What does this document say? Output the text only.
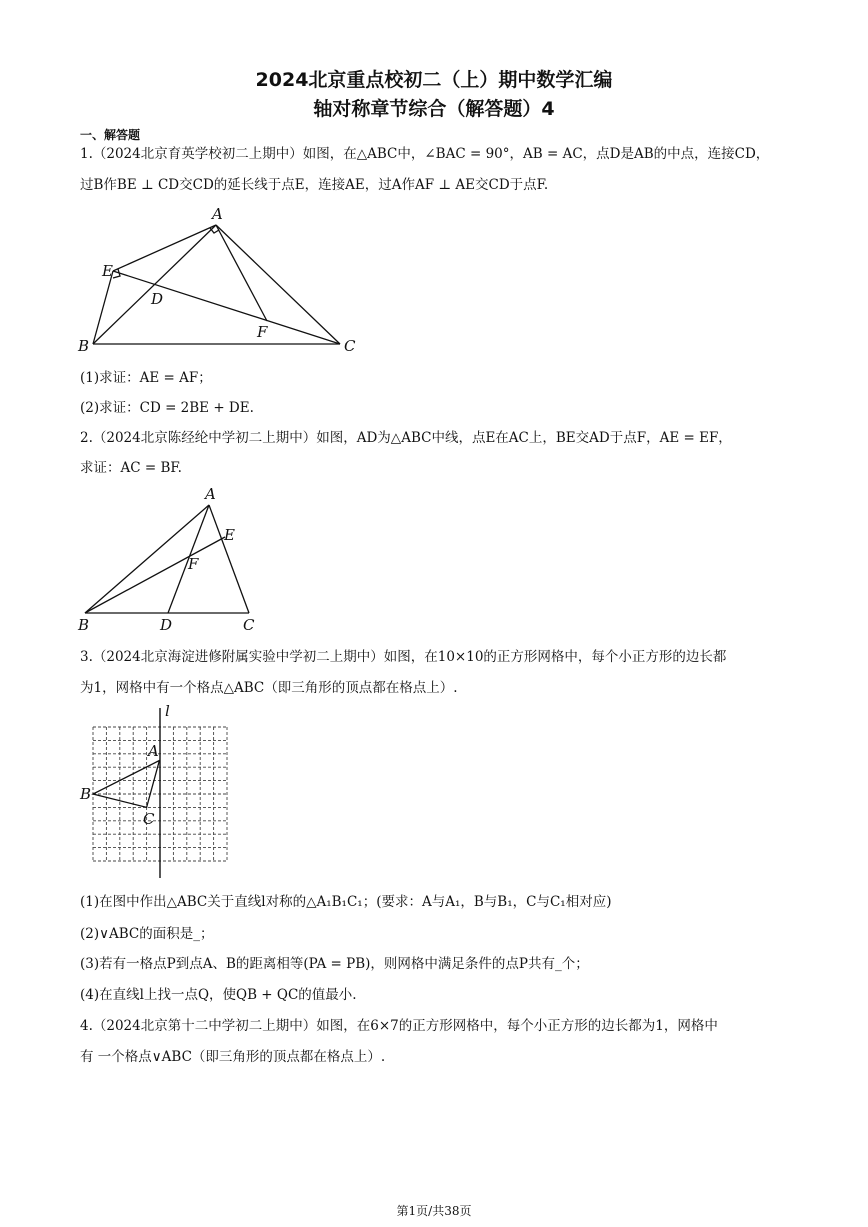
2024北京重点校初二（上）期中数学汇编
轴对称章节综合（解答题）4
一、解答题
1.（2024北京育英学校初二上期中）如图，在△ABC中，∠BAC = 90°，AB = AC，点D是AB的中点，连接CD，
过B作BE ⊥ CD交CD的延长线于点E，连接AE，过A作AF ⊥ AE交CD于点F.
A
E
D
F
B	C
(1)求证：AE = AF；
(2)求证：CD = 2BE + DE.
2.（2024北京陈经纶中学初二上期中）如图，AD为△ABC中线，点E在AC上，BE交AD于点F，AE = EF，
求证：AC = BF.
A
E
F
B	D	C
3.（2024北京海淀进修附属实验中学初二上期中）如图，在10×10的正方形网格中，每个小正方形的边长都
为1，网格中有一个格点△ABC（即三角形的顶点都在格点上）.
l
A
B
C
(1)在图中作出△ABC关于直线l对称的△A₁B₁C₁；(要求：A与A₁，B与B₁，C与C₁相对应)
(2)∨ABC的面积是_；
(3)若有一格点P到点A、B的距离相等(PA = PB)，则网格中满足条件的点P共有_个；
(4)在直线l上找一点Q，使QB + QC的值最小.
4.（2024北京第十二中学初二上期中）如图，在6×7的正方形网格中，每个小正方形的边长都为1，网格中
有 一个格点∨ABC（即三角形的顶点都在格点上）.
第1页/共38页
